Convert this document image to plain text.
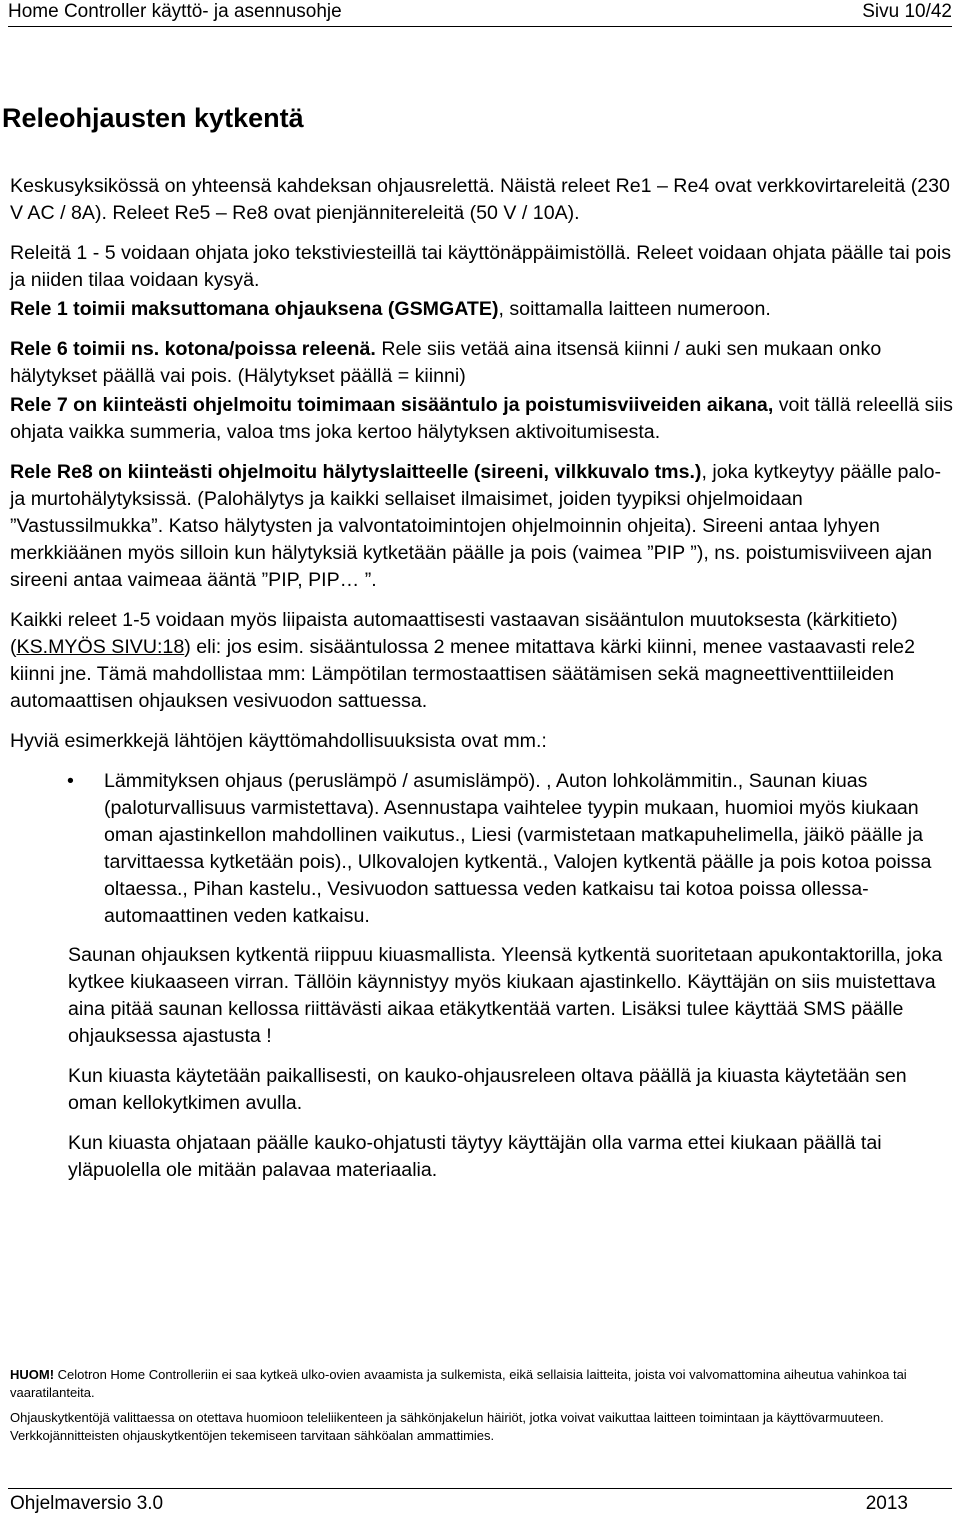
Home Controller käyttö- ja asennusohje	Sivu 10/42
Releohjausten kytkentä

Keskusyksikössä on yhteensä kahdeksan ohjausrelettä. Näistä releet Re1 – Re4 ovat verkkovirtareleitä (230 V AC / 8A). Releet Re5 – Re8 ovat pienjännitereleitä (50 V / 10A).

Releitä 1 - 5 voidaan ohjata joko tekstiviesteillä tai käyttönäppäimistöllä. Releet voidaan ohjata päälle tai pois ja niiden tilaa voidaan kysyä.

Rele 1 toimii maksuttomana ohjauksena (GSMGATE), soittamalla laitteen numeroon.

Rele 6 toimii ns. kotona/poissa releenä. Rele siis vetää aina itsensä kiinni / auki sen mukaan onko hälytykset päällä vai pois. (Hälytykset päällä = kiinni)

Rele 7 on kiinteästi ohjelmoitu toimimaan sisääntulo ja poistumisviiveiden aikana, voit tällä releellä siis ohjata vaikka summeria, valoa tms joka kertoo hälytyksen aktivoitumisesta.

Rele Re8 on kiinteästi ohjelmoitu hälytyslaitteelle (sireeni, vilkkuvalo tms.), joka kytkeytyy päälle palo- ja murtohälytyksissä. (Palohälytys ja kaikki sellaiset ilmaisimet, joiden tyypiksi ohjelmoidaan ”Vastussilmukka”. Katso hälytysten ja valvontatoimintojen ohjelmoinnin ohjeita). Sireeni antaa lyhyen merkkiäänen myös silloin kun hälytyksiä kytketään päälle ja pois (vaimea ”PIP ”), ns. poistumisviiveen ajan sireeni antaa vaimeaa ääntä ”PIP, PIP… ”.

Kaikki releet 1-5 voidaan myös liipaista automaattisesti vastaavan sisääntulon muutoksesta (kärkitieto) (KS.MYÖS SIVU:18) eli: jos esim. sisääntulossa 2 menee mitattava kärki kiinni, menee vastaavasti rele2 kiinni jne. Tämä mahdollistaa mm: Lämpötilan termostaattisen säätämisen sekä magneettiventtiileiden automaattisen ohjauksen vesivuodon sattuessa.

Hyviä esimerkkejä lähtöjen käyttömahdollisuuksista ovat mm.:

• Lämmityksen ohjaus (peruslämpö / asumislämpö). , Auton lohkolämmitin., Saunan kiuas (paloturvallisuus varmistettava). Asennustapa vaihtelee tyypin mukaan, huomioi myös kiukaan oman ajastinkellon mahdollinen vaikutus., Liesi (varmistetaan matkapuhelimella, jäikö päälle ja tarvittaessa kytketään pois)., Ulkovalojen kytkentä., Valojen kytkentä päälle ja pois kotoa poissa oltaessa., Pihan kastelu., Vesivuodon sattuessa veden katkaisu tai kotoa poissa ollessa-automaattinen veden katkaisu.

Saunan ohjauksen kytkentä riippuu kiuasmallista. Yleensä kytkentä suoritetaan apukontaktorilla, joka kytkee kiukaaseen virran. Tällöin käynnistyy myös kiukaan ajastinkello. Käyttäjän on siis muistettava aina pitää saunan kellossa riittävästi aikaa etäkytkentää varten. Lisäksi tulee käyttää SMS päälle ohjauksessa ajastusta !

Kun kiuasta käytetään paikallisesti, on kauko-ohjausreleen oltava päällä ja kiuasta käytetään sen oman kellokytkimen avulla.

Kun kiuasta ohjataan päälle kauko-ohjatusti täytyy käyttäjän olla varma ettei kiukaan päällä tai yläpuolella ole mitään palavaa materiaalia.

HUOM! Celotron Home Controlleriin ei saa kytkeä ulko-ovien avaamista ja sulkemista, eikä sellaisia laitteita, joista voi valvomattomina aiheutua vahinkoa tai vaaratilanteita.

Ohjauskytkentöjä valittaessa on otettava huomioon teleliikenteen ja sähkönjakelun häiriöt, jotka voivat vaikuttaa laitteen toimintaan ja käyttövarmuuteen. Verkkojännitteisten ohjauskytkentöjen tekemiseen tarvitaan sähköalan ammattimies.

Ohjelmaversio 3.0	2013
